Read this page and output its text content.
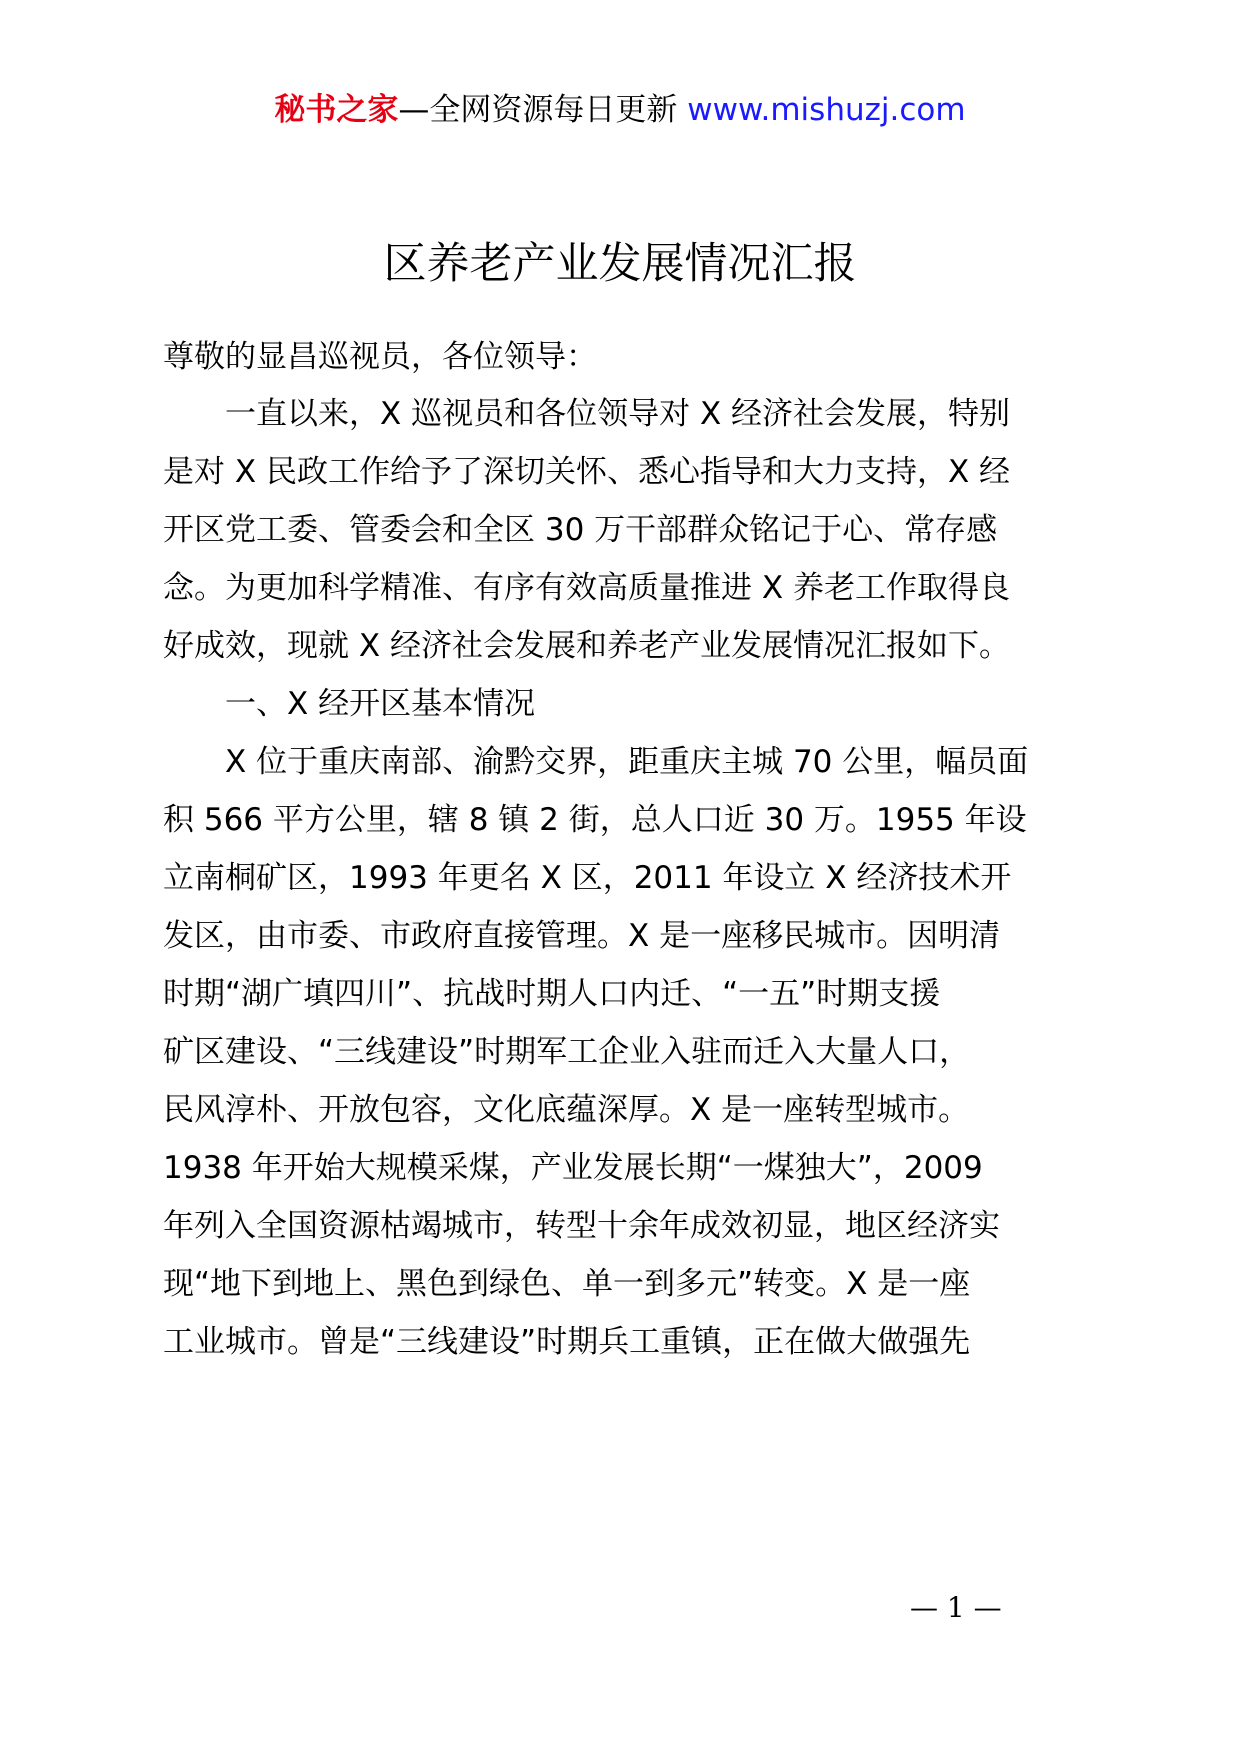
秘书之家—全网资源每日更新 www.mishuzj.com
区养老产业发展情况汇报
尊敬的显昌巡视员，各位领导：
　　一直以来，X 巡视员和各位领导对 X 经济社会发展，特别
是对 X 民政工作给予了深切关怀、悉心指导和大力支持，X 经
开区党工委、管委会和全区 30 万干部群众铭记于心、常存感
念。为更加科学精准、有序有效高质量推进 X 养老工作取得良
好成效，现就 X 经济社会发展和养老产业发展情况汇报如下。
　　一、X 经开区基本情况
　　X 位于重庆南部、渝黔交界，距重庆主城 70 公里，幅员面
积 566 平方公里，辖 8 镇 2 街，总人口近 30 万。1955 年设
立南桐矿区，1993 年更名 X 区，2011 年设立 X 经济技术开
发区，由市委、市政府直接管理。X 是一座移民城市。因明清
时期“湖广填四川”、抗战时期人口内迁、“一五”时期支援
矿区建设、“三线建设”时期军工企业入驻而迁入大量人口，
民风淳朴、开放包容，文化底蕴深厚。X 是一座转型城市。
1938 年开始大规模采煤，产业发展长期“一煤独大”，2009
年列入全国资源枯竭城市，转型十余年成效初显，地区经济实
现“地下到地上、黑色到绿色、单一到多元”转变。X 是一座
工业城市。曾是“三线建设”时期兵工重镇，正在做大做强先
— 1 —
